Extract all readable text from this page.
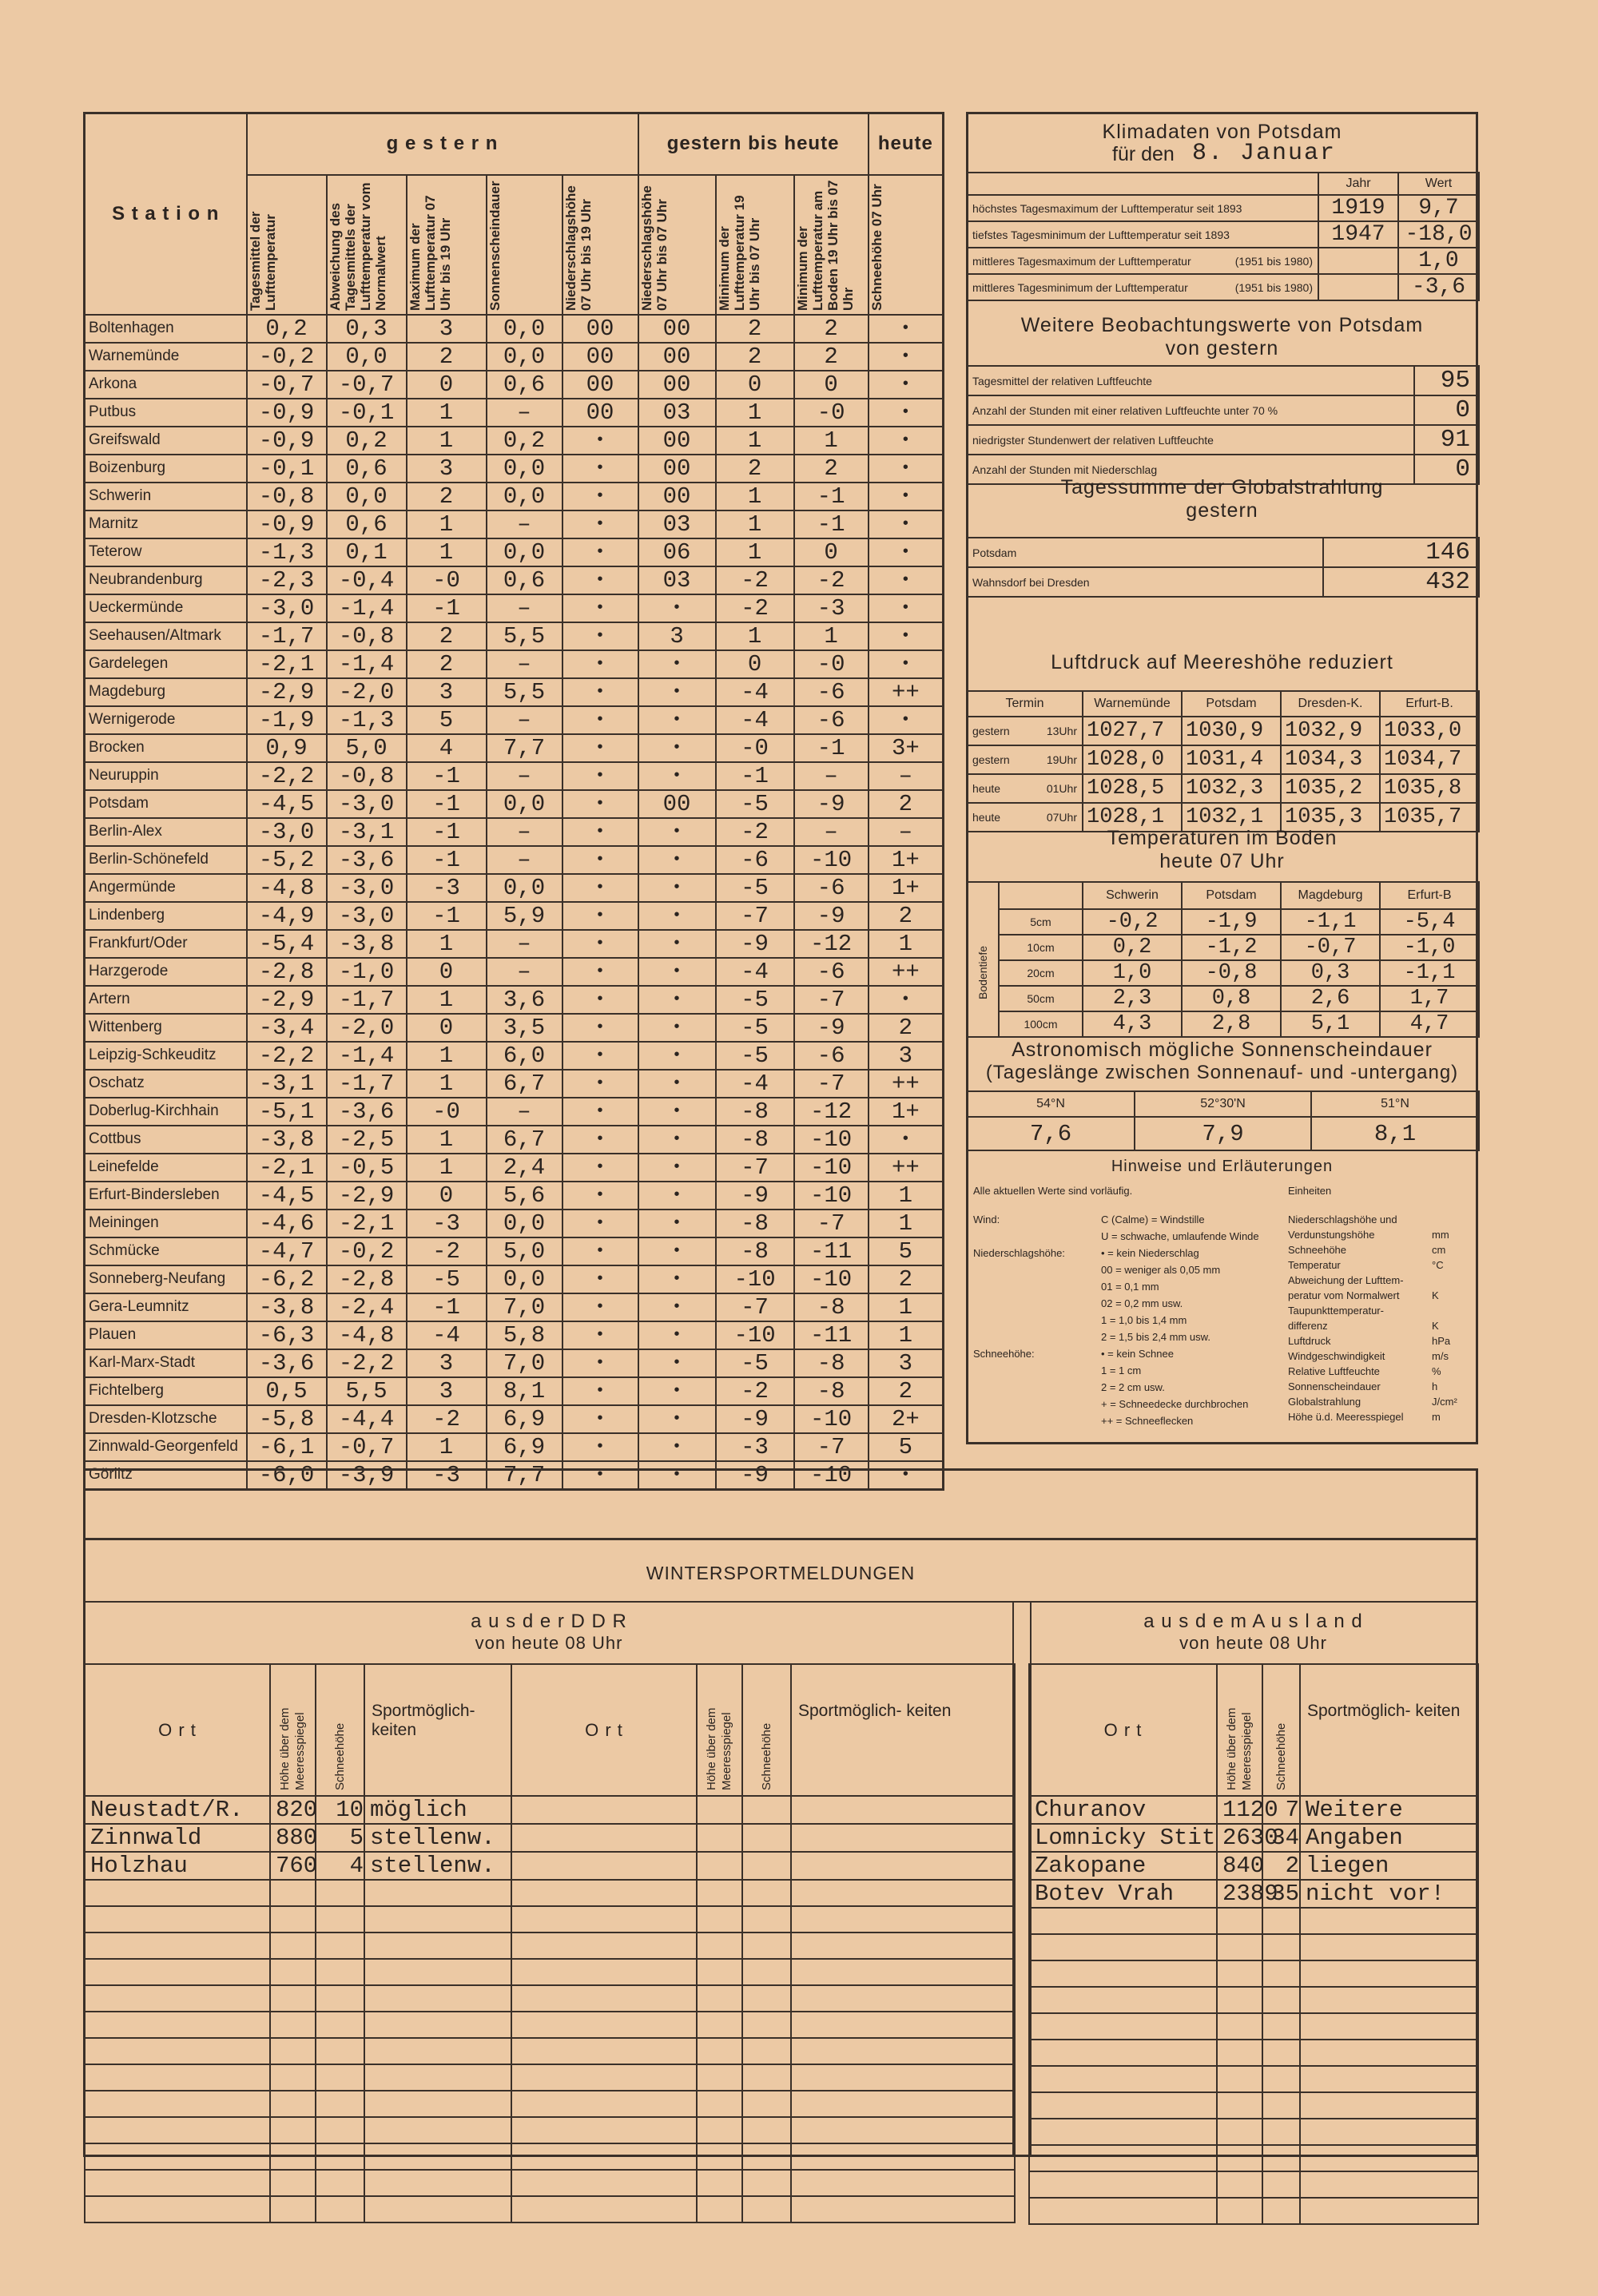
S t a t i o n	g e s t e r n					gestern bis heute			heute

	Tagesmittel der Lufttemperatur	Abweichung des Tagesmittels der Lufttemperatur vom Normalwert	Maximum der Lufttemperatur 07 Uhr bis 19 Uhr	Sonnenscheindauer	Niederschlagshöhe 07 Uhr bis 19 Uhr	Niederschlagshöhe 07 Uhr bis 07 Uhr	Minimum der Lufttemperatur 19 Uhr bis 07 Uhr	Minimum der Lufttemperatur am Boden 19 Uhr bis 07 Uhr	Schneehöhe 07 Uhr

Boltenhagen	0,2	0,3	3	0,0	00	00	2	2	•
Warnemünde	-0,2	0,0	2	0,0	00	00	2	2	•
Arkona	-0,7	-0,7	0	0,6	00	00	0	0	•
Putbus	-0,9	-0,1	1	–	00	03	1	-0	•
Greifswald	-0,9	0,2	1	0,2	•	00	1	1	•
Boizenburg	-0,1	0,6	3	0,0	•	00	2	2	•
Schwerin	-0,8	0,0	2	0,0	•	00	1	-1	•
Marnitz	-0,9	0,6	1	–	•	03	1	-1	•
Teterow	-1,3	0,1	1	0,0	•	06	1	0	•
Neubrandenburg	-2,3	-0,4	-0	0,6	•	03	-2	-2	•
Ueckermünde	-3,0	-1,4	-1	–	•	•	-2	-3	•
Seehausen/Altmark	-1,7	-0,8	2	5,5	•	3	1	1	•
Gardelegen	-2,1	-1,4	2	–	•	•	0	-0	•
Magdeburg	-2,9	-2,0	3	5,5	•	•	-4	-6	++
Wernigerode	-1,9	-1,3	5	–	•	•	-4	-6	•
Brocken	0,9	5,0	4	7,7	•	•	-0	-1	3+
Neuruppin	-2,2	-0,8	-1	–	•	•	-1	–	–
Potsdam	-4,5	-3,0	-1	0,0	•	00	-5	-9	2
Berlin-Alex	-3,0	-3,1	-1	–	•	•	-2	–	–
Berlin-Schönefeld	-5,2	-3,6	-1	–	•	•	-6	-10	1+
Angermünde	-4,8	-3,0	-3	0,0	•	•	-5	-6	1+
Lindenberg	-4,9	-3,0	-1	5,9	•	•	-7	-9	2
Frankfurt/Oder	-5,4	-3,8	1	–	•	•	-9	-12	1
Harzgerode	-2,8	-1,0	0	–	•	•	-4	-6	++
Artern	-2,9	-1,7	1	3,6	•	•	-5	-7	•
Wittenberg	-3,4	-2,0	0	3,5	•	•	-5	-9	2
Leipzig-Schkeuditz	-2,2	-1,4	1	6,0	•	•	-5	-6	3
Oschatz	-3,1	-1,7	1	6,7	•	•	-4	-7	++
Doberlug-Kirchhain	-5,1	-3,6	-0	–	•	•	-8	-12	1+
Cottbus	-3,8	-2,5	1	6,7	•	•	-8	-10	•
Leinefelde	-2,1	-0,5	1	2,4	•	•	-7	-10	++
Erfurt-Bindersleben	-4,5	-2,9	0	5,6	•	•	-9	-10	1
Meiningen	-4,6	-2,1	-3	0,0	•	•	-8	-7	1
Schmücke	-4,7	-0,2	-2	5,0	•	•	-8	-11	5
Sonneberg-Neufang	-6,2	-2,8	-5	0,0	•	•	-10	-10	2
Gera-Leumnitz	-3,8	-2,4	-1	7,0	•	•	-7	-8	1
Plauen	-6,3	-4,8	-4	5,8	•	•	-10	-11	1
Karl-Marx-Stadt	-3,6	-2,2	3	7,0	•	•	-5	-8	3
Fichtelberg	0,5	5,5	3	8,1	•	•	-2	-8	2
Dresden-Klotzsche	-5,8	-4,4	-2	6,9	•	•	-9	-10	2+
Zinnwald-Georgenfeld	-6,1	-0,7	1	6,9	•	•	-3	-7	5
Görlitz	-6,0	-3,9	-3	7,7	•	•	-9	-10	•
Klimadaten von Potsdam
für den 8. Januar
	Jahr	Wert
höchstes Tagesmaximum der Lufttemperatur seit 1893	1919	9,7
tiefstes Tagesminimum der Lufttemperatur seit 1893	1947	-18,0
mittleres Tagesmaximum der Lufttemperatur (1951 bis 1980)		1,0
mittleres Tagesminimum der Lufttemperatur (1951 bis 1980)		-3,6
Weitere Beobachtungswerte von Potsdam
von gestern
Tagesmittel der relativen Luftfeuchte	95
Anzahl der Stunden mit einer relativen Luftfeuchte unter 70 %	0
niedrigster Stundenwert der relativen Luftfeuchte	91
Anzahl der Stunden mit Niederschlag	0
Tagessumme der Globalstrahlung
gestern
Potsdam	146
Wahnsdorf bei Dresden	432
Luftdruck auf Meereshöhe reduziert
Termin	Warnemünde	Potsdam	Dresden-K.	Erfurt-B.
gestern 13Uhr	1027,7	1030,9	1032,9	1033,0
gestern 19Uhr	1028,0	1031,4	1034,3	1034,7
heute 01Uhr	1028,5	1032,3	1035,2	1035,8
heute 07Uhr	1028,1	1032,1	1035,3	1035,7
Temperaturen im Boden
heute 07 Uhr
		Schwerin	Potsdam	Magdeburg	Erfurt-B

Bodentiefe	5cm	-0,2	-1,9	-1,1	-5,4
	10cm	0,2	-1,2	-0,7	-1,0
	20cm	1,0	-0,8	0,3	-1,1
	50cm	2,3	0,8	2,6	1,7
	100cm	4,3	2,8	5,1	4,7
Astronomisch mögliche Sonnenscheindauer
(Tageslänge zwischen Sonnenauf- und -untergang)
54°N	52°30'N	51°N
7,6	7,9	8,1
Hinweise und Erläuterungen
Alle aktuellen Werte sind vorläufig.	Einheiten
Wind:	C (Calme) = Windstille
U = schwache, umlaufende Winde
Niederschlagshöhe:	• = kein Niederschlag
00 = weniger als 0,05 mm
01 = 0,1 mm
02 = 0,2 mm usw.
1 = 1,0 bis 1,4 mm
2 = 1,5 bis 2,4 mm usw.
Schneehöhe:	• = kein Schnee
1 = 1 cm
2 = 2 cm usw.
+ = Schneedecke durchbrochen
++ = Schneeflecken
Niederschlagshöhe und
Verdunstungshöhe	mm
Schneehöhe	cm
Temperatur	°C
Abweichung der Lufttem-
peratur vom Normalwert	K
Taupunkttemperatur-
differenz	K
Luftdruck	hPa
Windgeschwindigkeit	m/s
Relative Luftfeuchte	%
Sonnenscheindauer	h
Globalstrahlung	J/cm²
Höhe ü.d. Meeresspiegel	m
WINTERSPORTMELDUNGEN
a u s d e r D D R
von heute 08 Uhr
a u s d e m A u s l a n d
von heute 08 Uhr
O r t	Höhe über dem Meeresspiegel	Schneehöhe	Sportmöglich- keiten	O r t	Höhe über dem Meeresspiegel	Schneehöhe	Sportmöglich- keiten
Neustadt/R.	820	10	möglich				
Zinnwald	880	5	stellenw.				
Holzhau	760	4	stellenw.				

O r t	Höhe über dem Meeresspiegel	Schneehöhe	Sportmöglich- keiten
Churanov	1120	7	Weitere
Lomnicky Stit	2630	34	Angaben
Zakopane	840	2	liegen
Botev Vrah	2389	35	nicht vor!
